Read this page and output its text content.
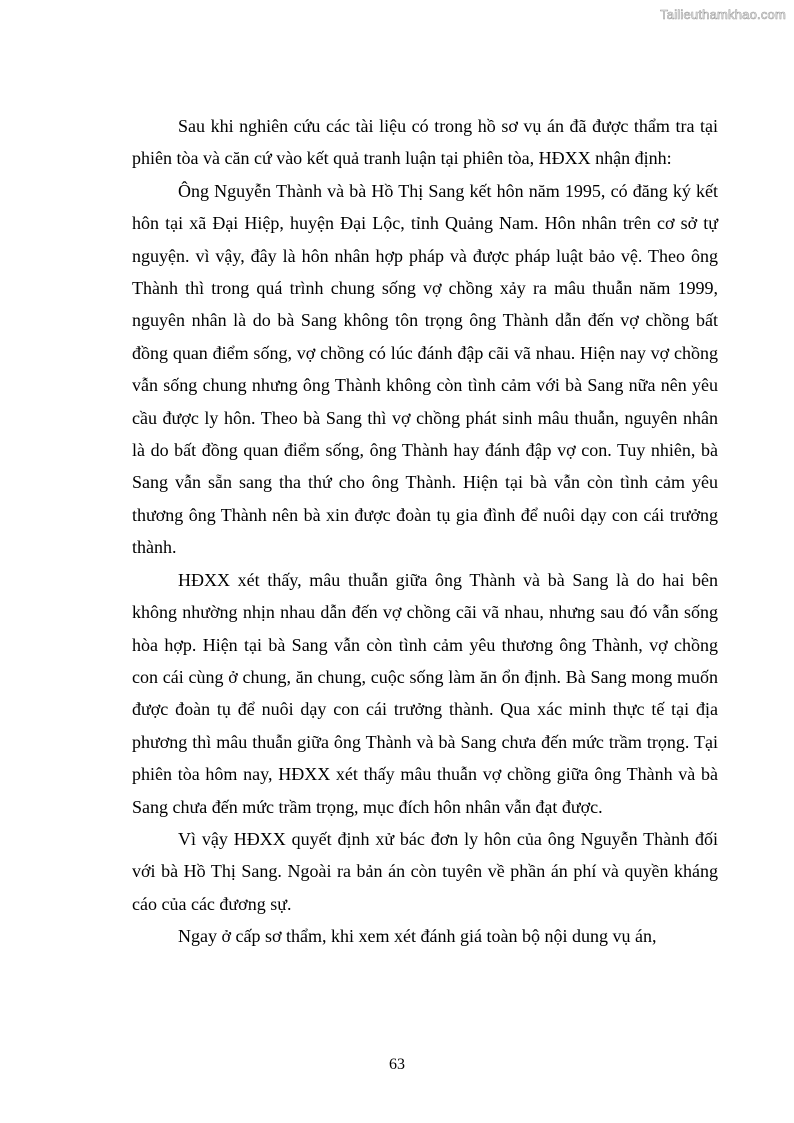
Tailieuthamkhao.com

Sau khi nghiên cứu các tài liệu có trong hồ sơ vụ án đã được thẩm tra tại phiên tòa và căn cứ vào kết quả tranh luận tại phiên tòa, HĐXX nhận định:

Ông Nguyễn Thành và bà Hồ Thị Sang kết hôn năm 1995, có đăng ký kết hôn tại xã Đại Hiệp, huyện Đại Lộc, tỉnh Quảng Nam. Hôn nhân trên cơ sở tự nguyện. vì vậy, đây là hôn nhân hợp pháp và được pháp luật bảo vệ. Theo ông Thành thì trong quá trình chung sống vợ chồng xảy ra mâu thuẫn năm 1999, nguyên nhân là do bà Sang không tôn trọng ông Thành dẫn đến vợ chồng bất đồng quan điểm sống, vợ chồng có lúc đánh đập cãi vã nhau. Hiện nay vợ chồng vẫn sống chung nhưng ông Thành không còn tình cảm với bà Sang nữa nên yêu cầu được ly hôn. Theo bà Sang thì vợ chồng phát sinh mâu thuẫn, nguyên nhân là do bất đồng quan điểm sống, ông Thành hay đánh đập vợ con. Tuy nhiên, bà Sang vẫn sẵn sang tha thứ cho ông Thành. Hiện tại bà vẫn còn tình cảm yêu thương ông Thành nên bà xin được đoàn tụ gia đình để nuôi dạy con cái trưởng thành.

HĐXX xét thấy, mâu thuẫn giữa ông Thành và bà Sang là do hai bên không nhường nhịn nhau dẫn đến vợ chồng cãi vã nhau, nhưng sau đó vẫn sống hòa hợp. Hiện tại bà Sang vẫn còn tình cảm yêu thương ông Thành, vợ chồng con cái cùng ở chung, ăn chung, cuộc sống làm ăn ổn định. Bà Sang mong muốn được đoàn tụ để nuôi dạy con cái trưởng thành. Qua xác minh thực tế tại địa phương thì mâu thuẫn giữa ông Thành và bà Sang chưa đến mức trầm trọng. Tại phiên tòa hôm nay, HĐXX xét thấy mâu thuẫn vợ chồng giữa ông Thành và bà Sang chưa đến mức trầm trọng, mục đích hôn nhân vẫn đạt được.

Vì vậy HĐXX quyết định xử bác đơn ly hôn của ông Nguyễn Thành đối với bà Hồ Thị Sang. Ngoài ra bản án còn tuyên về phần án phí và quyền kháng cáo của các đương sự.

Ngay ở cấp sơ thẩm, khi xem xét đánh giá toàn bộ nội dung vụ án,

63
